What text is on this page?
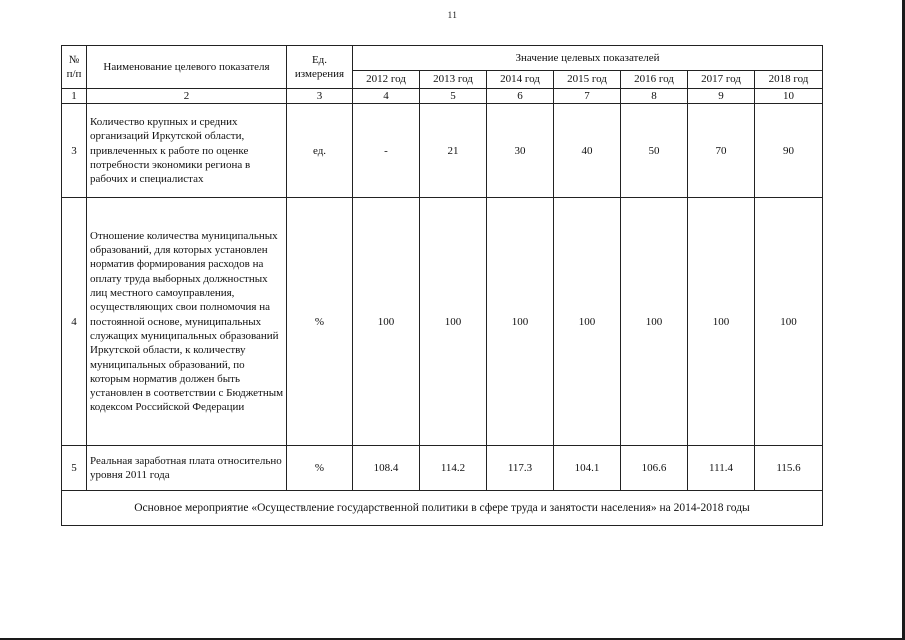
11
№ п/п	Наименование целевого показателя	Ед. измерения	Значение целевых показателей						
			2012 год	2013 год	2014 год	2015 год	2016 год	2017 год	2018 год
1	2	3	4	5	6	7	8	9	10
3	Количество крупных и средних организаций Иркутской области, привлеченных к работе по оценке потребности экономики региона в рабочих и специалистах	ед.	-	21	30	40	50	70	90
4	Отношение количества муниципальных образований, для которых установлен норматив формирования расходов на оплату труда выборных должностных лиц местного самоуправления, осуществляющих свои полномочия на постоянной основе, муниципальных служащих муниципальных образований Иркутской области, к количеству муниципальных образований, по которым норматив должен быть установлен в соответствии с Бюджетным кодексом Российской Федерации	%	100	100	100	100	100	100	100
5	Реальная заработная плата относительно уровня 2011 года	%	108.4	114.2	117.3	104.1	106.6	111.4	115.6
Основное мероприятие «Осуществление государственной политики в сфере труда и занятости населения» на 2014-2018 годы									
